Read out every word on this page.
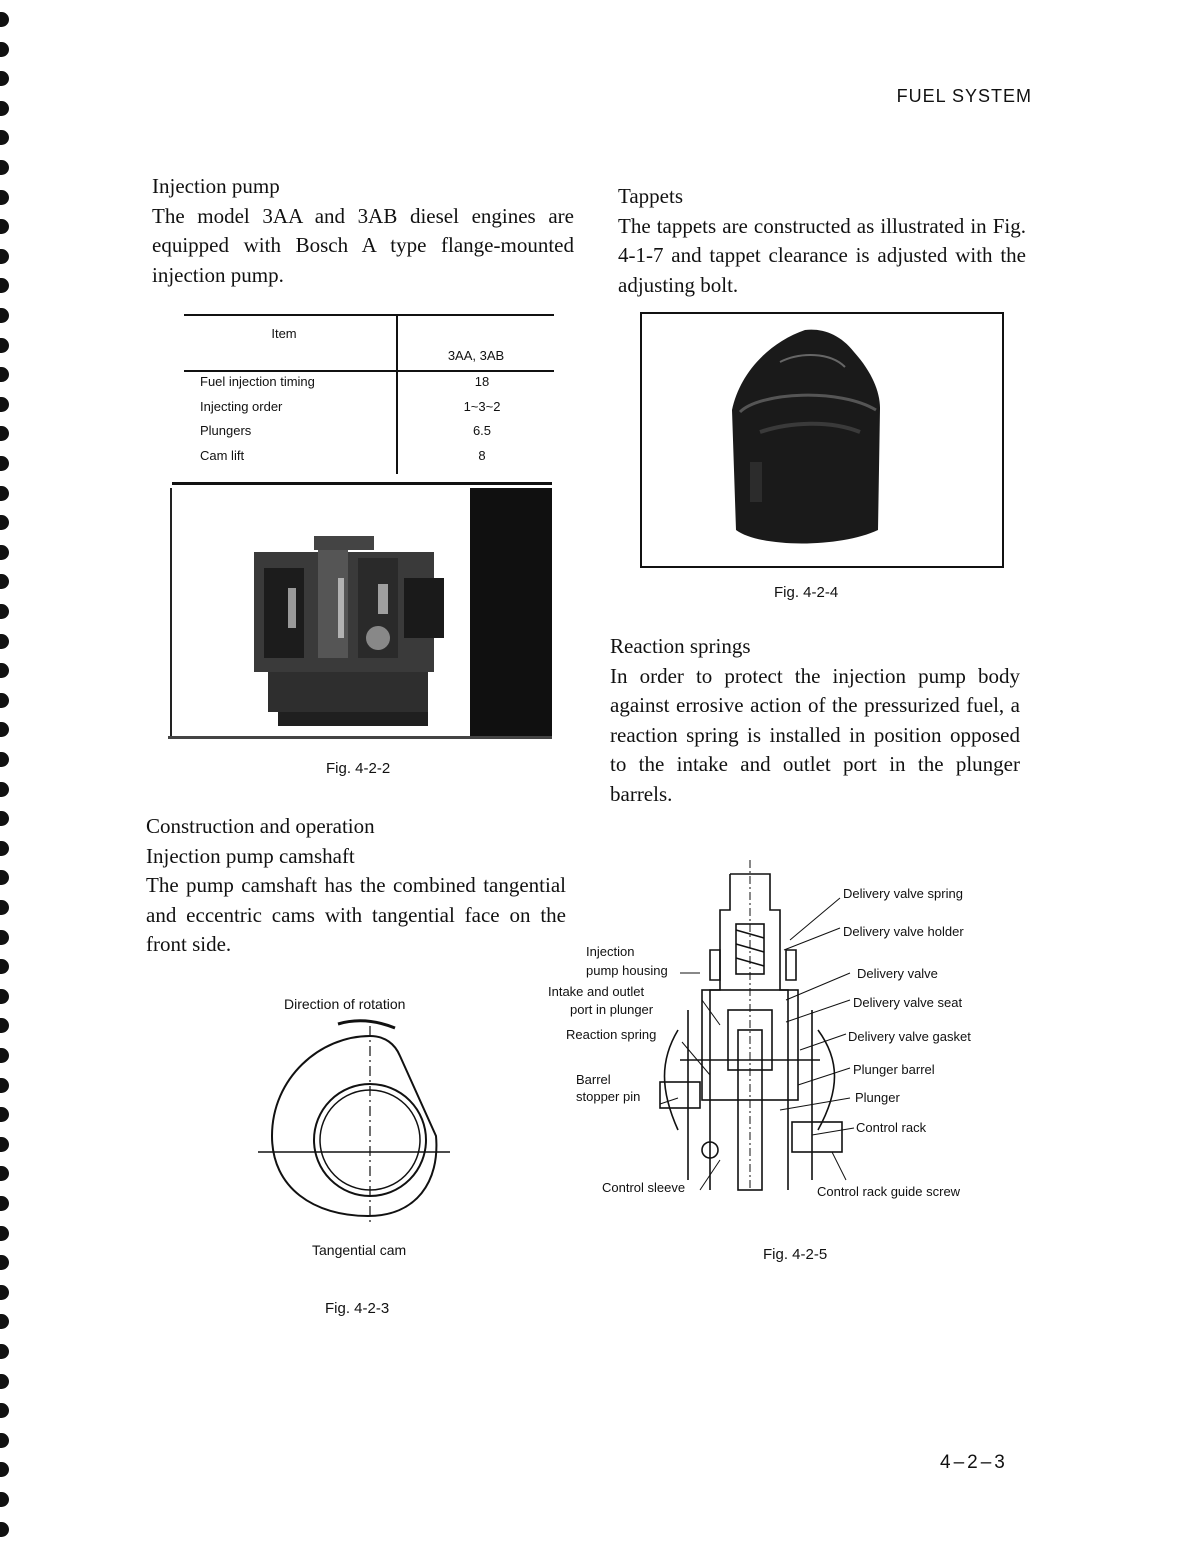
FUEL SYSTEM
Injection pump
The model 3AA and 3AB diesel engines are equipped with Bosch A type flange-mounted injection pump.
Item
3AA, 3AB
Fuel injection timing	18
Injecting order	1~3~2
Plungers	6.5
Cam lift	8
Fig. 4-2-2
Construction and operation
Injection pump camshaft
The pump camshaft has the combined tangential and eccentric cams with tangential face on the front side.
Direction of rotation
Tangential cam
Fig. 4-2-3
Tappets
The tappets are constructed as illustrated in Fig. 4-1-7 and tappet clearance is adjusted with the adjusting bolt.
Fig. 4-2-4
Reaction springs
In order to protect the injection pump body against errosive action of the pressurized fuel, a reaction spring is installed in position opposed to the intake and outlet port in the plunger barrels.
Injection
pump housing
Intake and outlet
port in plunger
Reaction spring
Barrel
stopper pin
Control sleeve
Delivery valve spring
Delivery valve holder
Delivery valve
Delivery valve seat
Delivery valve gasket
Plunger barrel
Plunger
Control rack
Control rack guide screw
Fig. 4-2-5
4–2–3
